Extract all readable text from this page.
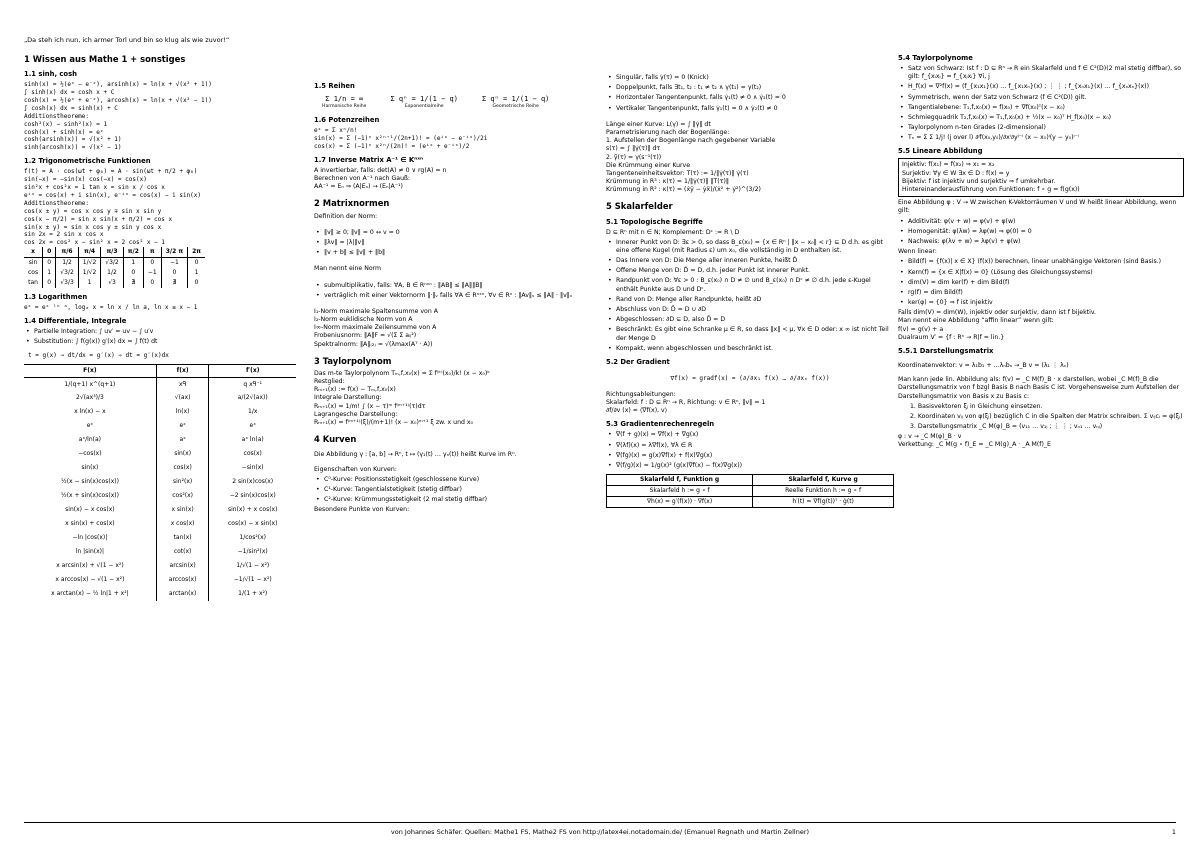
„Da steh ich nun, ich armer Torl und bin so klug als wie zuvor!“
1 Wissen aus Mathe 1 + sonstiges
1.1 sinh, cosh
sinh(x) = ½(eˣ − e⁻ˣ), arsinh(x) = ln(x + √(x² + 1))
∫ sinh(x) dx = cosh x + C
cosh(x) = ½(eˣ + e⁻ˣ), arcosh(x) = ln(x + √(x² − 1))
∫ cosh(x) dx = sinh(x) + C
Additionstheoreme:
cosh²(x) − sinh²(x) = 1
cosh(x) + sinh(x) = eˣ
cosh(arsinh(x)) = √(x² + 1)
sinh(arcosh(x)) = √(x² − 1)
1.2 Trigonometrische Funktionen
f(t) = A · cos(ωt + φ₀) = A · sin(ωt + π/2 + φ₀)
sin(−x) = −sin(x) cos(−x) = cos(x)
sin²x + cos²x = 1 tan x = sin x / cos x
eⁱˣ = cos(x) + i sin(x), e⁻ⁱˣ = cos(x) − i sin(x)
Additionstheoreme:
cos(x ± y) = cos x cos y ∓ sin x sin y
cos(x − π/2) = sin x sin(x + π/2) = cos x
sin(x ± y) = sin x cos y ± sin y cos x
sin 2x = 2 sin x cos x
cos 2x = cos² x − sin² x = 2 cos² x − 1
x	0	π/6	π/4	π/3	π/2	π	3/2 π	2π
sin	0	1/2	1/√2	√3/2	1	0	−1	0
cos	1	√3/2	1/√2	1/2	0	−1	0	1
tan	0	√3/3	1	√3	∄	0	∄	0
1.3 Logarithmen
eˣ = eˣ ˡⁿ ᵃ, logₐ x = ln x / ln a, ln x ≤ x − 1
1.4 Differentiale, Integrale
• Partielle Integration: ∫ uv′ = uv − ∫ u′v
• Substitution: ∫ f(g(x)) g′(x) dx = ∫ f(t) dt
t = g(x) ⇒ dt/dx = g′(x) ⇒ dt = g′(x)dx
F(x)	f(x)	f′(x)
1/(q+1) x^(q+1)	xᑫ	q xᑫ⁻¹
2√(ax³)/3	√(ax)	a/(2√(ax))
x ln(x) − x	ln(x)	1/x
eˣ	eˣ	eˣ
aˣ/ln(a)	aˣ	aˣ ln(a)
−cos(x)	sin(x)	cos(x)
sin(x)	cos(x)	−sin(x)
½(x − sin(x)cos(x))	sin²(x)	2 sin(x)cos(x)
½(x + sin(x)cos(x))	cos²(x)	−2 sin(x)cos(x)
sin(x) − x cos(x)	x sin(x)	sin(x) + x cos(x)
x sin(x) + cos(x)	x cos(x)	cos(x) − x sin(x)
−ln |cos(x)|	tan(x)	1/cos²(x)
ln |sin(x)|	cot(x)	−1/sin²(x)
x arcsin(x) + √(1 − x²)	arcsin(x)	1/√(1 − x²)
x arccos(x) − √(1 − x²)	arccos(x)	−1/√(1 − x²)
x arctan(x) − ½ ln|1 + x²|	arctan(x)	1/(1 + x²)
1.5 Reihen
Σ 1/n = ∞
Harmonische Reihe
Σ qⁿ = 1/(1 − q)
Exponentialreihe
Σ qⁿ = 1/(1 − q)
Geometrische Reihe
1.6 Potenzreihen
eˣ = Σ xⁿ/n!
sin(x) = Σ (−1)ⁿ x²ⁿ⁺¹/(2n+1)! = (eⁱˣ − e⁻ⁱˣ)/2i
cos(x) = Σ (−1)ⁿ x²ⁿ/(2n)! = (eⁱˣ + e⁻ⁱˣ)/2
1.7 Inverse Matrix A⁻¹ ∈ Kⁿˣⁿ
A invertierbar, falls: det(A) ≠ 0 ∨ rg(A) = n
Berechnen von A⁻¹ nach Gauß:
AA⁻¹ = Eₙ ⇒ (A|Eₙ) → (Eₙ|A⁻¹)
2 Matrixnormen
Definition der Norm:
• ‖v‖ ≥ 0; ‖v‖ = 0 ↔ v = 0
• ‖λv‖ = |λ|‖v‖
• ‖v + b‖ ≤ ‖v‖ + ‖b‖
Man nennt eine Norm
• submultiplikativ, falls: ∀A, B ∈ Rⁿˣⁿ : ‖AB‖ ≤ ‖A‖‖B‖
• verträglich mit einer Vektornorm ‖·‖ᵥ falls ∀A ∈ Rⁿˣⁿ, ∀v ∈ Rⁿ : ‖Av‖ᵥ ≤ ‖A‖ · ‖v‖ᵥ
I₁-Norm maximale Spaltensumme von A
I₂-Norm euklidische Norm von A
I∞-Norm maximale Zeilensumme von A
Frobeniusnorm: ‖A‖F = √(Σ Σ aᵢⱼ²)
Spektralnorm: ‖A‖₍₂₎ = √(λmax(Aᵀ · A))
3 Taylorpolynom
Das m-te Taylorpolynom Tₘ,f,x₀(x) = Σ f⁽ᵏ⁾(x₀)/k! (x − x₀)ᵏ
Restglied:
Rₘ₊₁(x) := f(x) − Tₘ,f,x₀(x)
Integrale Darstellung:
Rₘ₊₁(x) = 1/m! ∫ (x − τ)ᵐ f⁽ᵐ⁺¹⁾(τ)dτ
Lagrangesche Darstellung:
Rₘ₊₁(x) = f⁽ᵐ⁺¹⁾(ξ)/(m+1)! (x − x₀)ᵐ⁺¹ ξ zw. x und x₀
4 Kurven
Die Abbildung γ : [a, b] → Rⁿ, t ↦ (γ₁(t) … γₙ(t)) heißt Kurve im Rⁿ.
Eigenschaften von Kurven:
• C⁰-Kurve: Positionsstetigkeit (geschlossene Kurve)
• C¹-Kurve: Tangentialstetigkeit (stetig diffbar)
• C²-Kurve: Krümmungsstetigkeit (2 mal stetig diffbar)
Besondere Punkte von Kurven:
• Singulär, falls γ̇(τ) = 0 (Knick)
• Doppelpunkt, falls ∃t₁, t₂ : t₁ ≠ t₂ ∧ γ(t₁) = γ(t₂)
• Horizontaler Tangentenpunkt, falls γ̇₁(t) ≠ 0 ∧ γ̇₂(t) = 0
• Vertikaler Tangentenpunkt, falls γ̇₁(t) = 0 ∧ γ̇₂(t) ≠ 0
Länge einer Kurve: L(γ) = ∫ ‖γ̇‖ dt
Parametrisierung nach der Bogenlänge:
1. Aufstellen der Bogenlänge nach gegebener Variable
s(τ) = ∫ ‖γ̇(τ)‖ dτ
2. γ̃(τ) = γ(s⁻¹(τ))
Die Krümmung einer Kurve
Tangenteneinheitsvektor: T(τ) := 1/‖γ̇(τ)‖ γ̇(τ)
Krümmung in R³ : κ(τ) = 1/‖γ̇(τ)‖ ‖Ṫ(τ)‖
Krümmung in R² : κ(τ) = (ẋÿ − ẏẍ)/(ẋ² + ẏ²)^(3/2)
5 Skalarfelder
5.1 Topologische Begriffe
D ⊆ Rⁿ mit n ∈ N; Komplement: Dᶜ := R \ D
• Innerer Punkt von D: ∃ε > 0, so dass B_ε(x₀) = {x ∈ Rⁿ | ‖x − x₀‖ < r} ⊆ D d.h. es gibt eine offene Kugel (mit Radius ε) um x₀, die vollständig in D enthalten ist.
• Das Innere von D: Die Menge aller inneren Punkte, heißt D̊
• Offene Menge von D: D̊ = D, d.h. jeder Punkt ist innerer Punkt.
• Randpunkt von D: ∀ε > 0 : B_ε(x₀) ∩ D ≠ ∅ und B_ε(x₀) ∩ Dᶜ ≠ ∅ d.h. jede ε-Kugel enthält Punkte aus D und Dᶜ.
• Rand von D: Menge aller Randpunkte, heißt ∂D
• Abschluss von D: D̄ = D ∪ ∂D
• Abgeschlossen: ∂D ⊆ D, also D̄ = D
• Beschränkt: Es gibt eine Schranke μ ∈ R, so dass ‖x‖ < μ, ∀x ∈ D oder: x ∞ ist nicht Teil der Menge D
• Kompakt, wenn abgeschlossen und beschränkt ist.
5.2 Der Gradient
∇f(x) = gradf(x) = (∂/∂x₁ f(x) … ∂/∂xₙ f(x))
Richtungsableitungen:
Skalarfeld: f : D ⊆ Rⁿ → R, Richtung: v ∈ Rⁿ, ‖v‖ = 1
∂f/∂v (x) = ⟨∇f(x), v⟩
5.3 Gradientenrechenregeln
• ∇(f + g)(x) = ∇f(x) + ∇g(x)
• ∇(λf)(x) = λ∇f(x), ∀λ ∈ R
• ∇(fg)(x) = g(x)∇f(x) + f(x)∇g(x)
• ∇(f/g)(x) = 1/g(x)² (g(x)∇f(x) − f(x)∇g(x))
Skalarfeld f, Funktion g	Skalarfeld f, Kurve g
Skalarfeld h := g ∘ f	Reelle Funktion h := g ∘ f
∇h(x) = g′(f(x)) · ∇f(x)	h′(t) = ∇f(g(t))ᵀ · ġ(t)
5.4 Taylorpolynome
• Satz von Schwarz: Ist f : D ⊆ Rⁿ → R ein Skalarfeld und f ∈ C²(D)(2 mal stetig diffbar), so gilt: f_{xᵢxⱼ} = f_{xⱼxᵢ} ∀i, j
• H_f(x) = ∇²f(x) = (f_{x₁x₁}(x) … f_{x₁xₙ}(x) ; ⋮ ⋮ ; f_{xₙx₁}(x) … f_{xₙxₙ}(x))
• Symmetrisch, wenn der Satz von Schwarz (f ∈ C²(D)) gilt.
• Tangentialebene: T₁,f,x₀(x) = f(x₀) + ∇f(x₀)ᵀ(x − x₀)
• Schmiegquadrik T₂,f,x₀(x) = T₁,f,x₀(x) + ½(x − x₀)ᵀ H_f(x₀)(x − x₀)
• Taylorpolynom n-ten Grades (2-dimensional)
• Tₙ = Σ Σ 1/j! (j over l) ∂ʲf(x₀,y₀)/∂xˡ∂yʲ⁻ˡ (x − x₀)ˡ(y − y₀)ʲ⁻ˡ
5.5 Lineare Abbildung
Injektiv: f(x₁) = f(x₂) ⇒ x₁ = x₂
Surjektiv: ∀y ∈ W ∃x ∈ D : f(x) = y
Bijektiv: f ist injektiv und surjektiv ⇒ f umkehrbar.
Hintereinanderausführung von Funktionen: f ∘ g = f(g(x))
Eine Abbildung φ : V → W zwischen K-Vektorräumen V und W heißt linear Abbildung, wenn gilt:
• Additivität: φ(v + w) = φ(v) + φ(w)
• Homogenität: φ(λw) = λφ(w) ⇒ φ(0) = 0
• Nachweis: φ(λv + w) = λφ(v) + φ(w)
Wenn linear:
• Bild(f) = {f(x)| x ∈ X} (f(x)) berechnen, linear unabhängige Vektoren (sind Basis.)
• Kern(f) = {x ∈ X|f(x) = 0} (Lösung des Gleichungssystems)
• dim(V) = dim ker(f) + dim Bild(f)
• rg(f) = dim Bild(f)
• ker(φ) = {0} ⇒ f ist injektiv
Falls dim(V) = dim(W), injektiv oder surjektiv, dann ist f bijektiv.
Man nennt eine Abbildung “affin linear” wenn gilt:
f(v) = g(v) + a
Dualraum V′ = {f : Rⁿ → R|f = lin.}
5.5.1 Darstellungsmatrix
Koordinatenvektor: v = λ₁b₁ + …λₙbₙ →_B v = (λ₁ ⋮ λₙ)
Man kann jede lin. Abbildung als: f(v) = _C M(f)_B · x darstellen, wobei _C M(f)_B die Darstellungsmatrix von f bzgl Basis B nach Basis C ist. Vorgehensweise zum Aufstellen der Darstellungsmatrix von Basis x zu Basis c:
1. Basisvektoren ξⱼ in Gleichung einsetzen.
2. Koordinaten vᵢⱼ von φ(ξⱼ) bezüglich C in die Spalten der Matrix schreiben. Σ vᵢⱼcᵢ = φ(ξⱼ)
3. Darstellungsmatrix _C M(φ)_B = (v₁₁ … v₁ⱼ ; ⋮ ⋮ ; vₙ₁ … vₙⱼ)
φ : v → _C M(φ)_B · v
Verkettung: _C M(g ∘ f)_E = _C M(g)_A · _A M(f)_E
von Johannes Schäfer. Quellen: Mathe1 FS, Mathe2 FS von http://latex4ei.notadomain.de/ (Emanuel Regnath und Martin Zellner)	1
